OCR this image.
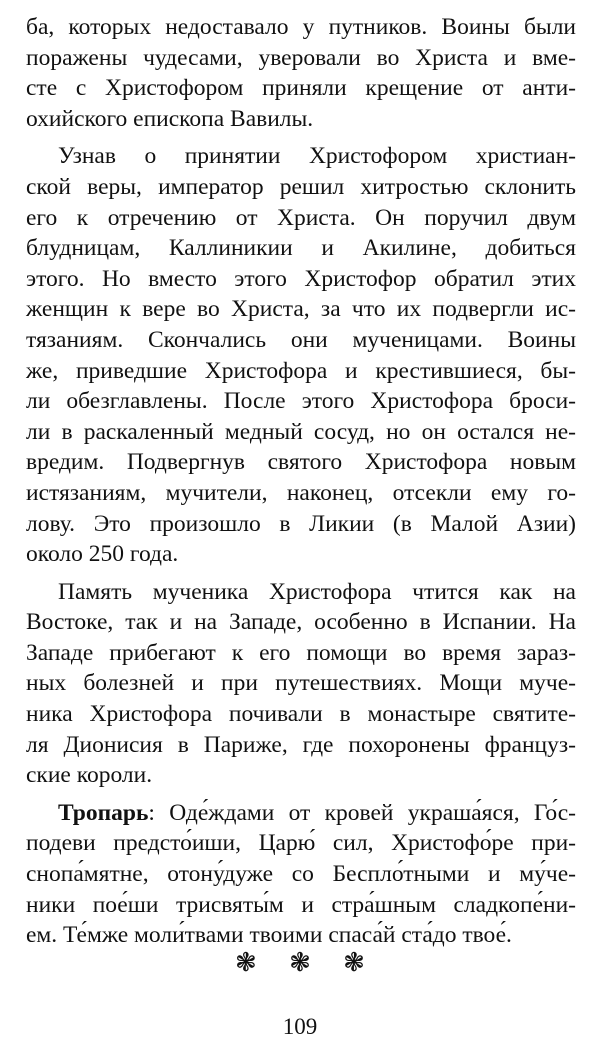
ба, которых недоставало у путников. Воины были
поражены чудесами, уверовали во Христа и вме-
сте с Христофором приняли крещение от анти-
охийского епископа Вавилы.
Узнав о принятии Христофором христиан-
ской веры, император решил хитростью склонить
его к отречению от Христа. Он поручил двум
блудницам, Каллиникии и Акилине, добиться
этого. Но вместо этого Христофор обратил этих
женщин к вере во Христа, за что их подвергли ис-
тязаниям. Скончались они мученицами. Воины
же, приведшие Христофора и крестившиеся, бы-
ли обезглавлены. После этого Христофора броси-
ли в раскаленный медный сосуд, но он остался не-
вредим. Подвергнув святого Христофора новым
истязаниям, мучители, наконец, отсекли ему го-
лову. Это произошло в Ликии (в Малой Азии)
около 250 года.
Память мученика Христофора чтится как на
Востоке, так и на Западе, особенно в Испании. На
Западе прибегают к его помощи во время зараз-
ных болезней и при путешествиях. Мощи муче-
ника Христофора почивали в монастыре святите-
ля Дионисия в Париже, где похоронены француз-
ские короли.
Тропарь: Оде́ждами от кровей украша́яся, Го́с-
подеви предсто́иши, Царю́ сил, Христофо́ре при-
снопа́мятне, отону́дуже со Беспло́тными и му́че-
ники пое́ши трисвяты́м и стра́шным сладкопе́ни-
ем. Те́мже моли́твами твоими спаса́й ста́до твое́.
❃ ❃ ❃
109
